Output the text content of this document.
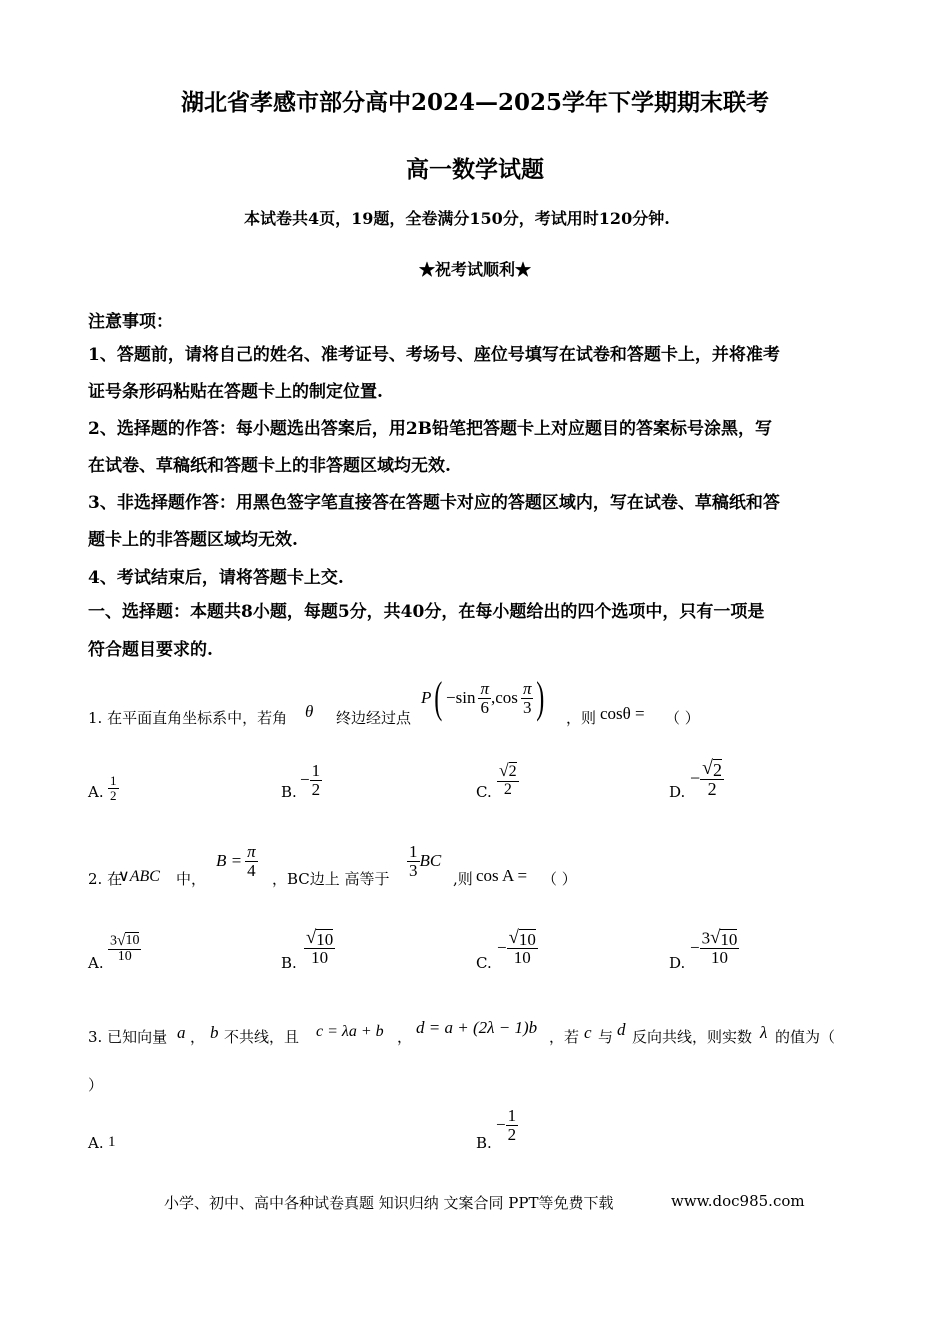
湖北省孝感市部分高中2024—2025学年下学期期末联考
高一数学试题
本试卷共4页，19题，全卷满分150分，考试用时120分钟.
★祝考试顺利★
注意事项：
1、答题前，请将自己的姓名、准考证号、考场号、座位号填写在试卷和答题卡上，并将准考
证号条形码粘贴在答题卡上的制定位置.
2、选择题的作答：每小题选出答案后，用2B铅笔把答题卡上对应题目的答案标号涂黑，写
在试卷、草稿纸和答题卡上的非答题区域均无效.
3、非选择题作答：用黑色签字笔直接答在答题卡对应的答题区域内，写在试卷、草稿纸和答
题卡上的非答题区域均无效.
4、考试结束后，请将答题卡上交.
一、选择题：本题共8小题，每题5分，共40分，在每小题给出的四个选项中，只有一项是
符合题目要求的.
1. 在平面直角坐标系中，若角 θ 终边经过点
P ( $-\sin \frac{\pi}{6} ,\cos \frac{\pi}{3}$ ) ，则 cosθ = （ ）
A. $\frac{1}{2}$	B.
− $\frac{1}{2}$	C. $\frac{√ 2}{2}$	D.
− $\frac{√ 2}{2}$
2. 在
∨ABC 中，
$B = \frac{\pi}{4}$ ，BC边上 高等于 $\frac{1}{3}$ BC
,则 cos A = （ ）
A. $\frac{3 √ 10}{10}$	B. $\frac{√ 10}{10}$	C.
− $\frac{√ 10}{10}$	D.
− $\frac{3 √ 10}{10}$
3. 已知向量 a ， b 不共线，且 c = λa + b ， d = a + (2λ − 1)b ，若 c 与 d 反向共线，则实数 λ 的值为（
）
A. 1	B.
− $\frac{1}{2}$
小学、初中、高中各种试卷真题 知识归纳 文案合同 PPT等免费下载	www.doc985.com
